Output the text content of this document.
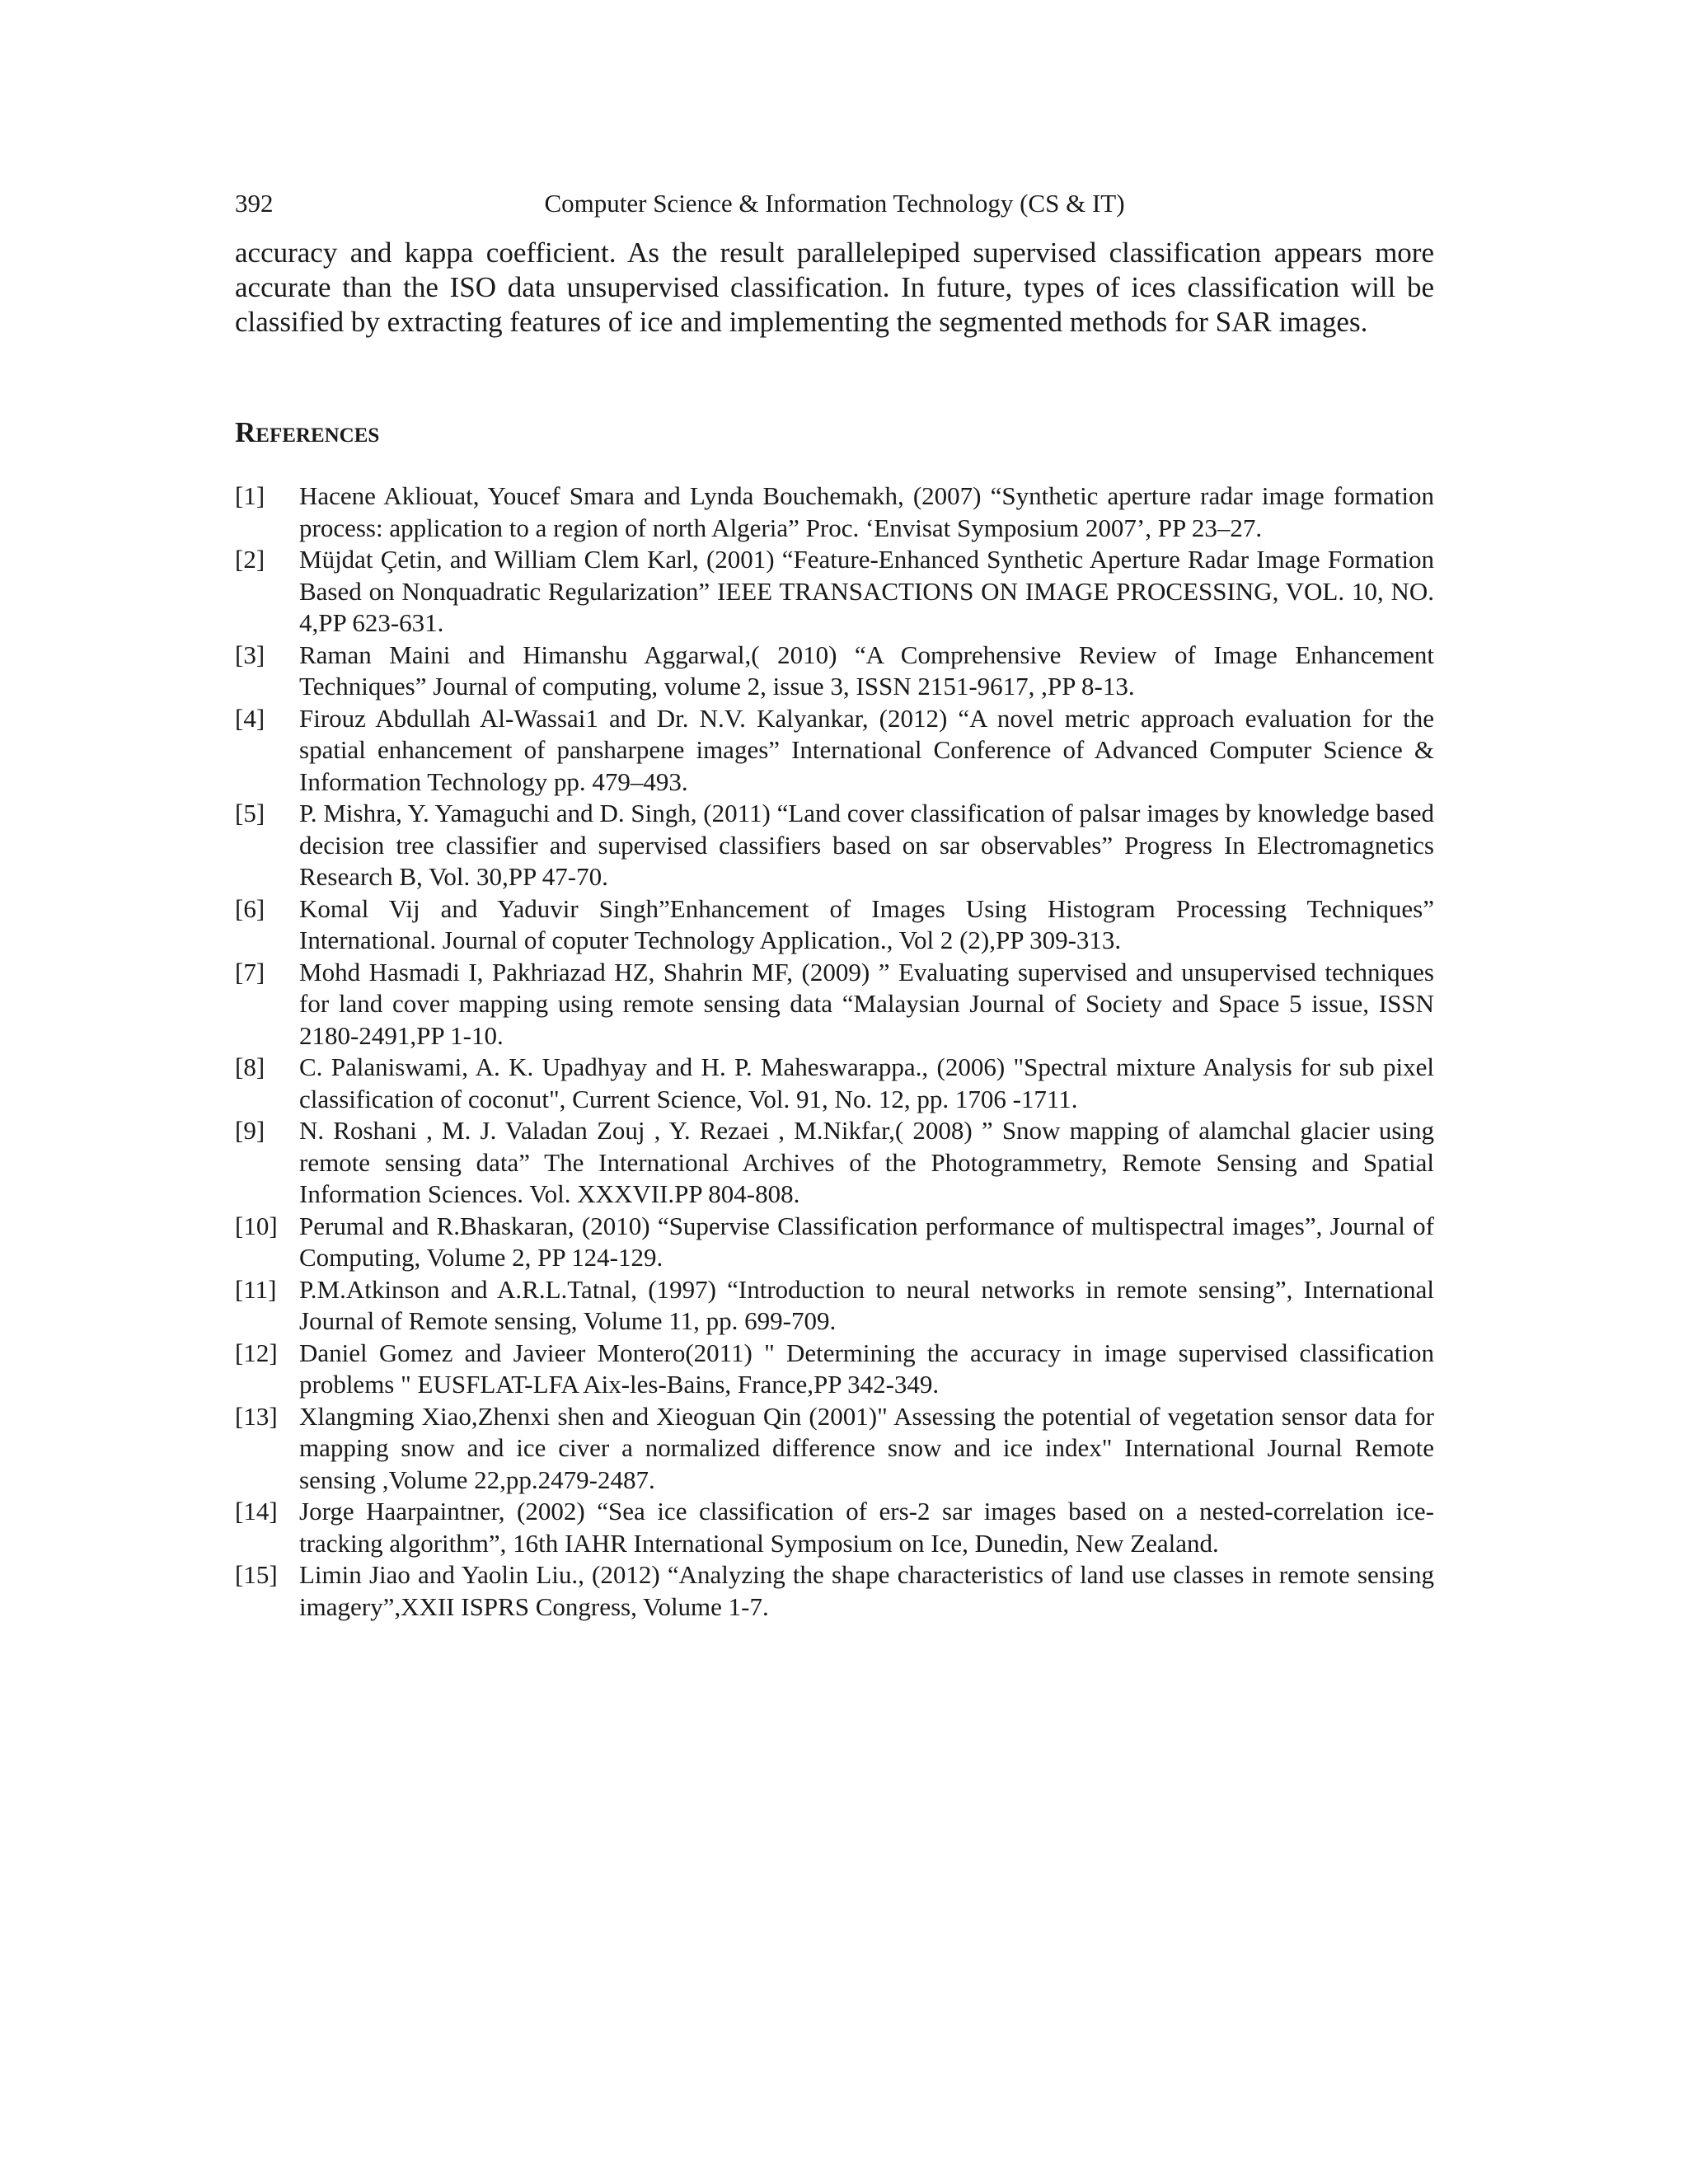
392	Computer Science & Information Technology (CS & IT)

accuracy and kappa coefficient. As the result parallelepiped supervised classification appears more accurate than the ISO data unsupervised classification. In future, types of ices classification will be classified by extracting features of ice and implementing the segmented methods for SAR images.

References
[1] Hacene Akliouat, Youcef Smara and Lynda Bouchemakh, (2007) “Synthetic aperture radar image formation process: application to a region of north Algeria” Proc. ‘Envisat Symposium 2007’, PP 23–27.
[2] Müjdat Çetin, and William Clem Karl, (2001) “Feature-Enhanced Synthetic Aperture Radar Image Formation Based on Nonquadratic Regularization” IEEE TRANSACTIONS ON IMAGE PROCESSING, VOL. 10, NO. 4,PP 623-631.
[3] Raman Maini and Himanshu Aggarwal,( 2010) “A Comprehensive Review of Image Enhancement Techniques” Journal of computing, volume 2, issue 3, ISSN 2151-9617, ,PP 8-13.
[4] Firouz Abdullah Al-Wassai1 and Dr. N.V. Kalyankar, (2012) “A novel metric approach evaluation for the spatial enhancement of pansharpene images” International Conference of Advanced Computer Science & Information Technology pp. 479–493.
[5] P. Mishra, Y. Yamaguchi and D. Singh, (2011) “Land cover classification of palsar images by knowledge based decision tree classifier and supervised classifiers based on sar observables” Progress In Electromagnetics Research B, Vol. 30,PP 47-70.
[6] Komal Vij and Yaduvir Singh”Enhancement of Images Using Histogram Processing Techniques” International. Journal of coputer Technology Application., Vol 2 (2),PP 309-313.
[7] Mohd Hasmadi I, Pakhriazad HZ, Shahrin MF, (2009) ” Evaluating supervised and unsupervised techniques for land cover mapping using remote sensing data “Malaysian Journal of Society and Space 5 issue, ISSN 2180-2491,PP 1-10.
[8] C. Palaniswami, A. K. Upadhyay and H. P. Maheswarappa., (2006) "Spectral mixture Analysis for sub pixel classification of coconut", Current Science, Vol. 91, No. 12, pp. 1706 -1711.
[9] N. Roshani , M. J. Valadan Zouj , Y. Rezaei , M.Nikfar,( 2008) ” Snow mapping of alamchal glacier using remote sensing data” The International Archives of the Photogrammetry, Remote Sensing and Spatial Information Sciences. Vol. XXXVII.PP 804-808.
[10] Perumal and R.Bhaskaran, (2010) “Supervise Classification performance of multispectral images”, Journal of Computing, Volume 2, PP 124-129.
[11] P.M.Atkinson and A.R.L.Tatnal, (1997) “Introduction to neural networks in remote sensing”, International Journal of Remote sensing, Volume 11, pp. 699-709.
[12] Daniel Gomez and Javieer Montero(2011) " Determining the accuracy in image supervised classification problems " EUSFLAT-LFA Aix-les-Bains, France,PP 342-349.
[13] Xlangming Xiao,Zhenxi shen and Xieoguan Qin (2001)" Assessing the potential of vegetation sensor data for mapping snow and ice civer a normalized difference snow and ice index" International Journal Remote sensing ,Volume 22,pp.2479-2487.
[14] Jorge Haarpaintner, (2002) “Sea ice classification of ers-2 sar images based on a nested-correlation ice-tracking algorithm”, 16th IAHR International Symposium on Ice, Dunedin, New Zealand.
[15] Limin Jiao and Yaolin Liu., (2012) “Analyzing the shape characteristics of land use classes in remote sensing imagery”,XXII ISPRS Congress, Volume 1-7.
